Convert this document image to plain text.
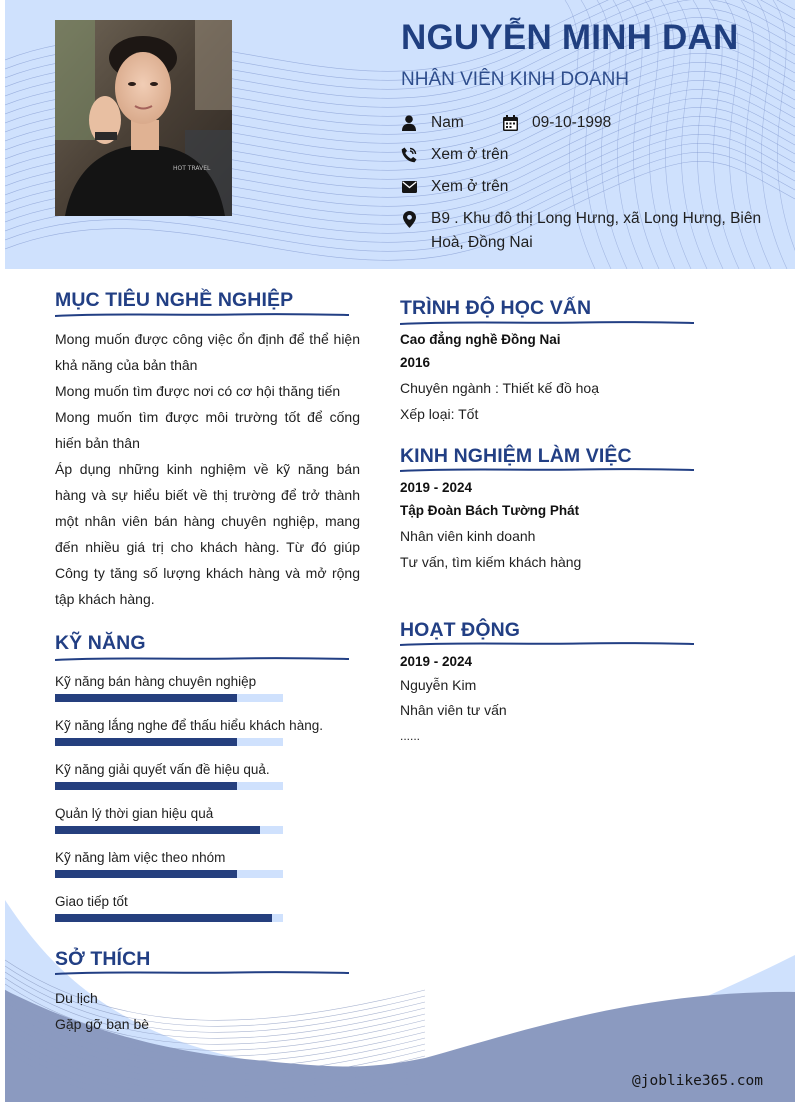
HOT TRAVEL
NGUYỄN MINH DAN
NHÂN VIÊN KINH DOANH
Nam	09-10-1998
Xem ở trên
Xem ở trên
B9 . Khu đô thị Long Hưng, xã Long Hưng, Biên Hoà, Đồng Nai
MỤC TIÊU NGHỀ NGHIỆP

Mong muốn được công việc ổn định để thể hiện khả năng của bản thân

Mong muốn tìm được nơi có cơ hội thăng tiến

Mong muốn tìm được môi trường tốt để cống hiến bản thân

Áp dụng những kinh nghiệm về kỹ năng bán hàng và sự hiểu biết về thị trường để trở thành một nhân viên bán hàng chuyên nghiệp, mang đến nhiều giá trị cho khách hàng. Từ đó giúp Công ty tăng số lượng khách hàng và mở rộng tập khách hàng.

KỸ NĂNG
Kỹ năng bán hàng chuyên nghiệp
Kỹ năng lắng nghe để thấu hiểu khách hàng.
Kỹ năng giải quyết vấn đề hiệu quả.
Quản lý thời gian hiệu quả
Kỹ năng làm việc theo nhóm
Giao tiếp tốt
SỞ THÍCH
Du lịch
Gặp gỡ bạn bè
TRÌNH ĐỘ HỌC VẤN
Cao đẳng nghề Đồng Nai
2016
Chuyên ngành : Thiết kế đồ hoạ
Xếp loại: Tốt
KINH NGHIỆM LÀM VIỆC
2019 - 2024
Tập Đoàn Bách Tường Phát
Nhân viên kinh doanh
Tư vấn, tìm kiếm khách hàng
HOẠT ĐỘNG
2019 - 2024
Nguyễn Kim
Nhân viên tư vấn
......
@joblike365.com
